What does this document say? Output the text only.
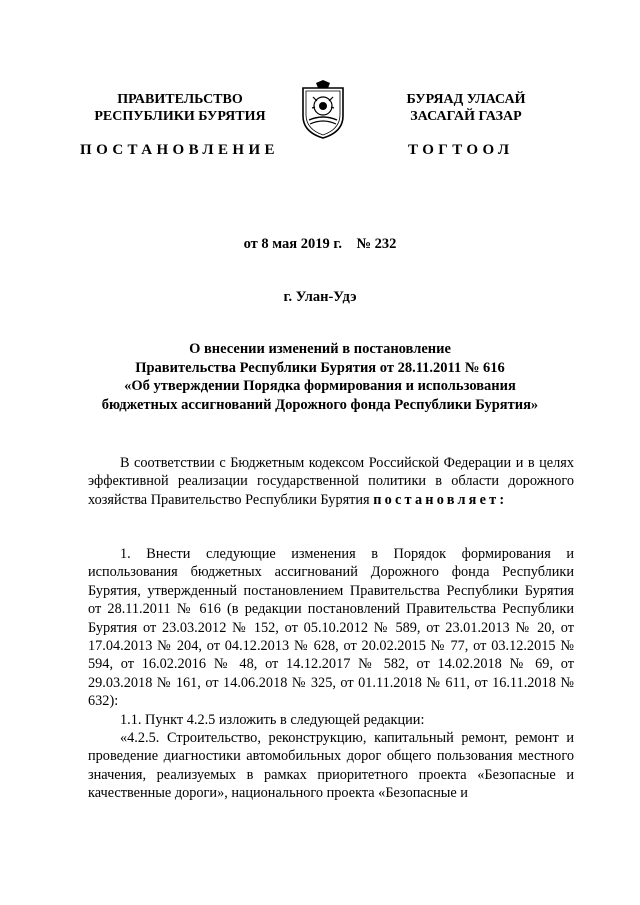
ПРАВИТЕЛЬСТВО
РЕСПУБЛИКИ БУРЯТИЯ
БУРЯАД УЛАСАЙ
ЗАСАГАЙ ГАЗАР
ПОСТАНОВЛЕНИЕ	ТОГТООЛ
от 8 мая 2019 г.    № 232
г. Улан-Удэ
О внесении изменений в постановление
Правительства Республики Бурятия от 28.11.2011 № 616
«Об утверждении Порядка формирования и использования
бюджетных ассигнований Дорожного фонда Республики Бурятия»

В соответствии с Бюджетным кодексом Российской Федерации и в целях эффективной реализации государственной политики в области дорожного хозяйства Правительство Республики Бурятия постановляет:

1. Внести следующие изменения в Порядок формирования и использования бюджетных ассигнований Дорожного фонда Республики Бурятия, утвержденный постановлением Правительства Республики Бурятия от 28.11.2011 № 616 (в редакции постановлений Правительства Республики Бурятия от 23.03.2012 № 152, от 05.10.2012 № 589, от 23.01.2013 № 20, от 17.04.2013 № 204, от 04.12.2013 № 628, от 20.02.2015 № 77, от 03.12.2015 № 594, от 16.02.2016 № 48, от 14.12.2017 № 582, от 14.02.2018 № 69, от 29.03.2018 № 161, от 14.06.2018 № 325, от 01.11.2018 № 611, от 16.11.2018 № 632):

1.1. Пункт 4.2.5 изложить в следующей редакции:

«4.2.5. Строительство, реконструкцию, капитальный ремонт, ремонт и проведение диагностики автомобильных дорог общего пользования местного значения, реализуемых в рамках приоритетного проекта «Безопасные и качественные дороги», национального проекта «Безопасные и
